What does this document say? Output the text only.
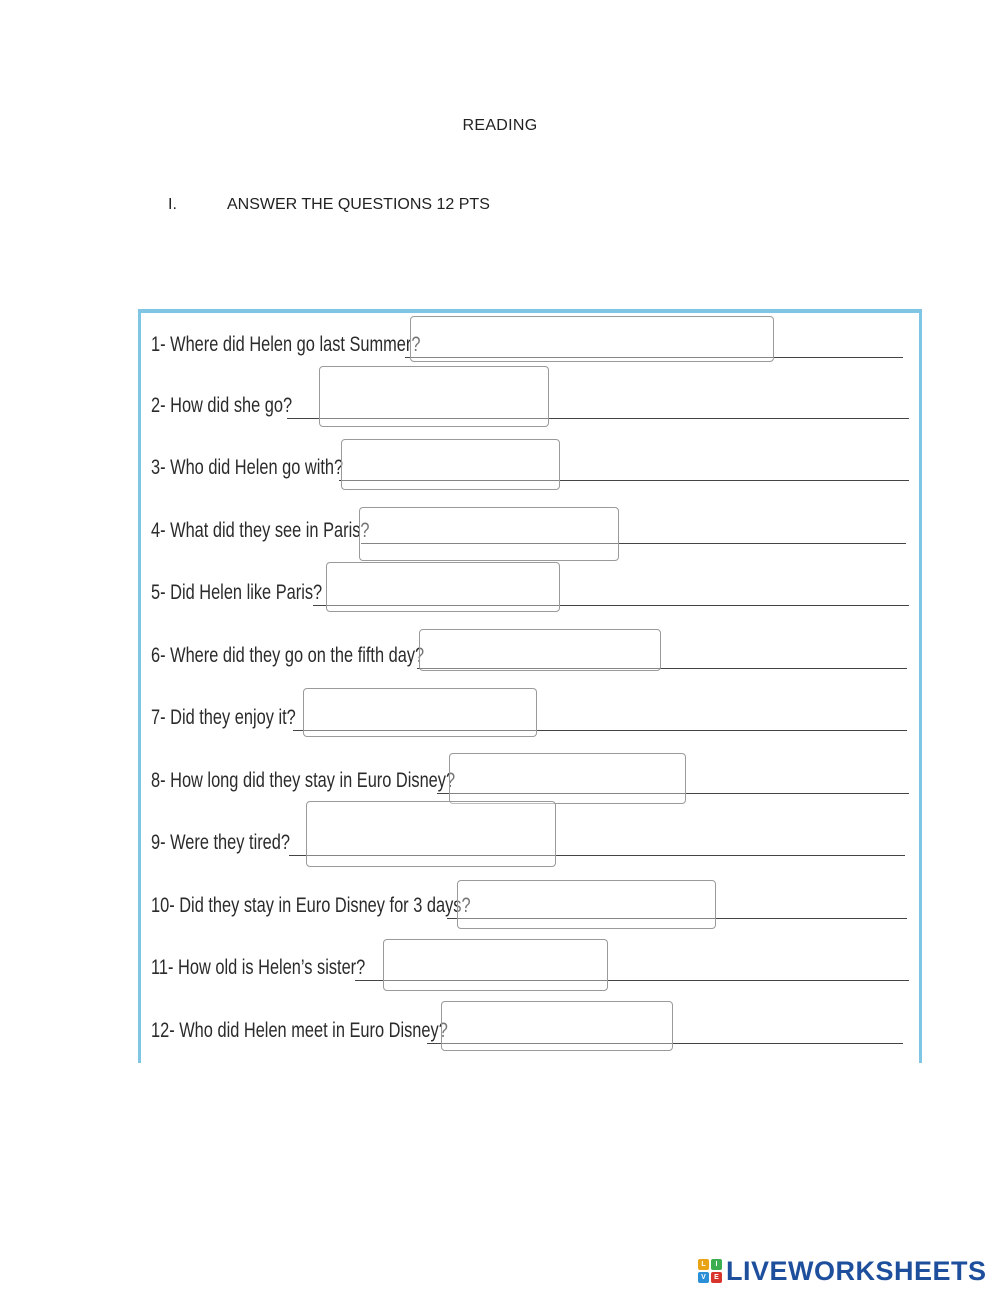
READING
I.	ANSWER THE QUESTIONS 12 PTS
1- Where did Helen go last Summer?
2- How did she go?
3- Who did Helen go with?
4- What did they see in Paris?
5- Did Helen like Paris?
6- Where did they go on the fifth day?
7- Did they enjoy it?
8- How long did they stay in Euro Disney?
9- Were they tired?
10- Did they stay in Euro Disney for 3 days?
11- How old is Helen’s sister?
12- Who did Helen meet in Euro Disney?
L	I
V	E LIVEWORKSHEETS
